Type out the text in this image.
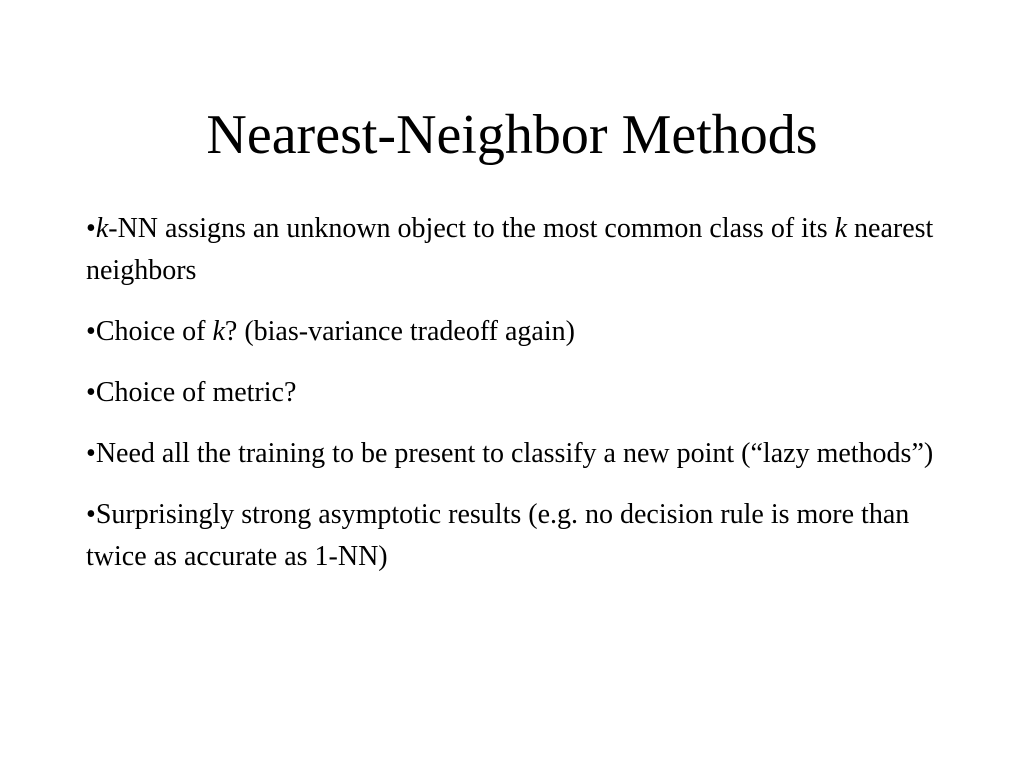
Nearest-Neighbor Methods
•k-NN assigns an unknown object to the most common class of its k nearest neighbors
•Choice of k? (bias-variance tradeoff again)
•Choice of metric?
•Need all the training to be present to classify a new point (“lazy methods”)
•Surprisingly strong asymptotic results (e.g. no decision rule is more than twice as accurate as 1-NN)
